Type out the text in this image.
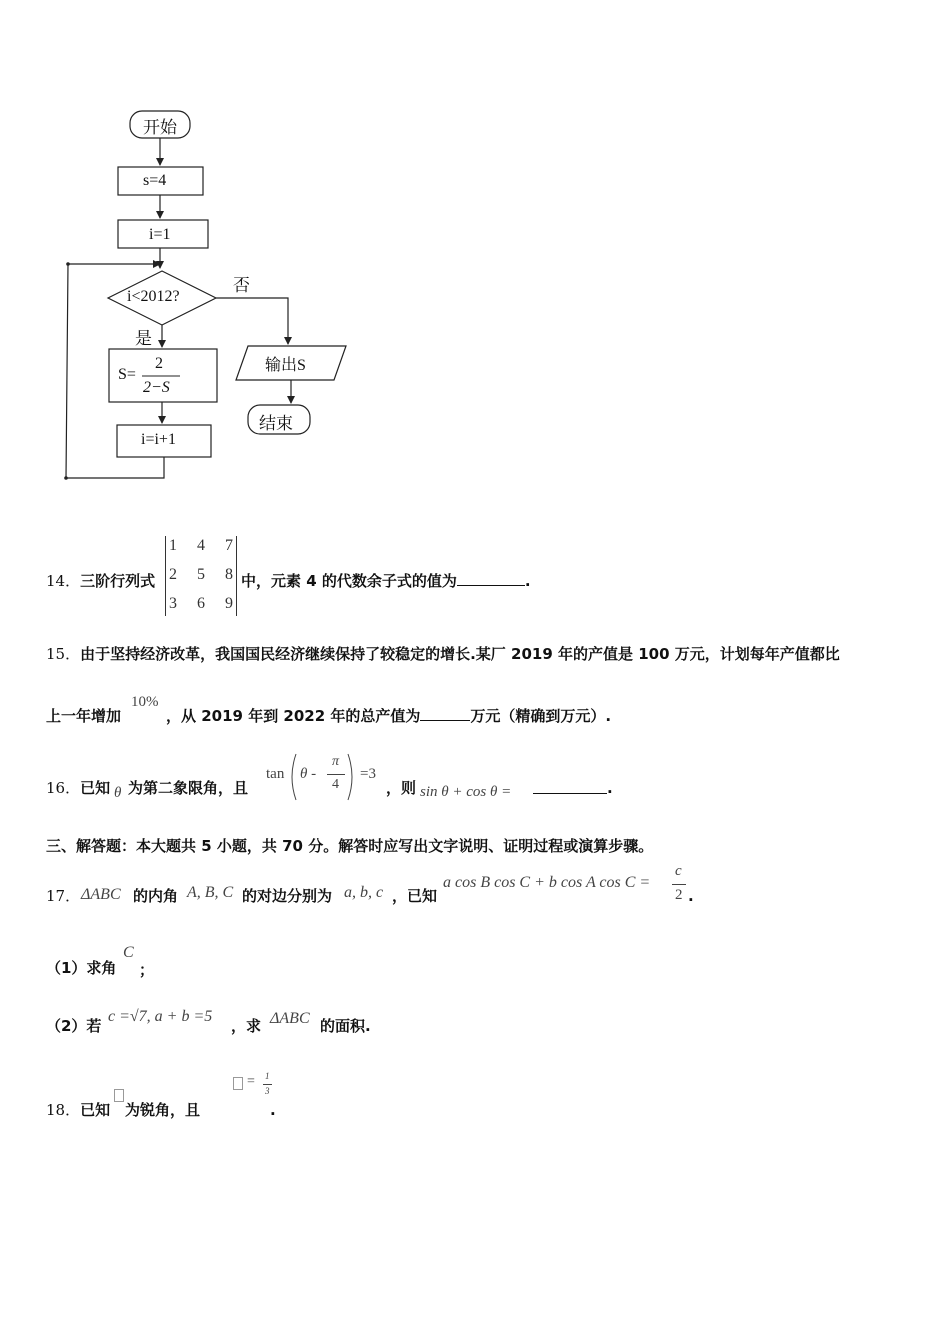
开始
s=4
i=1
i<2012?
否
是
S=
2
2−S
输出S
i=i+1
结束
14．三阶行列式
1 4 7
2 5 8
3 6 9
中，元素 4 的代数余子式的值为	.
15．由于坚持经济改革，我国国民经济继续保持了较稳定的增长.某厂 2019 年的产值是 100 万元，计划每年产值都比
上一年增加
10%
，从 2019 年到 2022 年的总产值为	万元（精确到万元）.
16．已知 θ 为第二象限角，且
tan θ -
π
4
=3
，则 sin θ + cos θ =	.
三、解答题：本大题共 5 小题，共 70 分。解答时应写出文字说明、证明过程或演算步骤。
17． ΔABC 的内角 A, B, C 的对边分别为 a, b, c ，已知
a cos B cos C + b cos A cos C =
c
2 .
（1）求角
C
；
（2）若
c =√7, a + b =5
，求 ΔABC 的面积.
18．已知 为锐角，且
= 1
3
.
